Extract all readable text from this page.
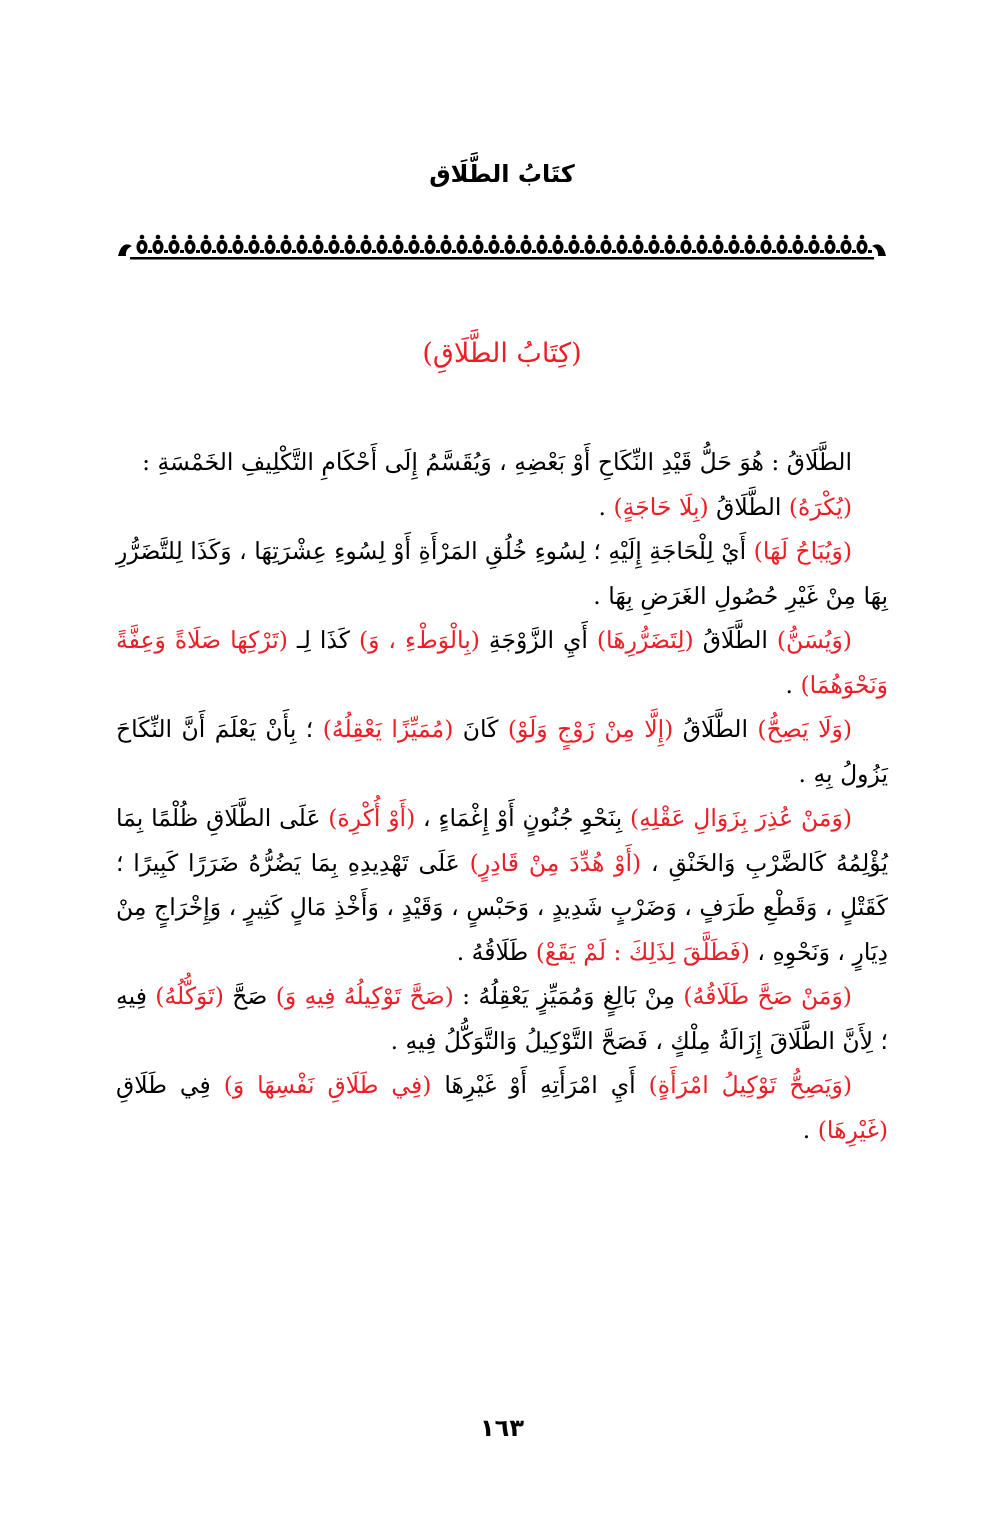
كتَابُ الطَّلَاق
(كِتَابُ الطَّلَاقِ)

الطَّلَاقُ : هُوَ حَلُّ قَيْدِ النِّكَاحِ أَوْ بَعْضِهِ ، وَيُقَسَّمُ إِلَى أَحْكَامِ التَّكْلِيفِ الخَمْسَةِ :

(يُكْرَهُ) الطَّلَاقُ (بِلَا حَاجَةٍ) .

(وَيُبَاحُ لَهَا) أَيْ لِلْحَاجَةِ إِلَيْهِ ؛ لِسُوءِ خُلُقِ المَرْأَةِ أَوْ لِسُوءِ عِشْرَتِهَا ، وَكَذَا لِلتَّضَرُّرِ بِهَا مِنْ غَيْرِ حُصُولِ الغَرَضِ بِهَا .

(وَيُسَنُّ) الطَّلَاقُ (لِتَضَرُّرِهَا) أَيِ الزَّوْجَةِ (بِالْوَطْءِ ، وَ) كَذَا لِـ (تَرْكِهَا صَلَاةً وَعِفَّةً وَنَحْوَهُمَا) .

(وَلَا يَصِحُّ) الطَّلَاقُ (إِلَّا مِنْ زَوْجٍ وَلَوْ) كَانَ (مُمَيِّزًا يَعْقِلُهُ) ؛ بِأَنْ يَعْلَمَ أَنَّ النِّكَاحَ يَزُولُ بِهِ .

(وَمَنْ عُذِرَ بِزَوَالِ عَقْلِهِ) بِنَحْوِ جُنُونٍ أَوْ إِغْمَاءٍ ، (أَوْ أُكْرِهَ) عَلَى الطَّلَاقِ ظُلْمًا بِمَا يُؤْلِمُهُ كَالضَّرْبِ وَالخَنْقِ ، (أَوْ هُدِّدَ مِنْ قَادِرٍ) عَلَى تَهْدِيدِهِ بِمَا يَضُرُّهُ ضَرَرًا كَبِيرًا ؛ كَقَتْلٍ ، وَقَطْعِ طَرَفٍ ، وَضَرْبٍ شَدِيدٍ ، وَحَبْسٍ ، وَقَيْدٍ ، وَأَخْذِ مَالٍ كَثِيرٍ ، وَإِخْرَاجٍ مِنْ دِيَارٍ ، وَنَحْوِهِ ، (فَطَلَّقَ لِذَلِكَ : لَمْ يَقَعْ) طَلَاقُهُ .

(وَمَنْ صَحَّ طَلَاقُهُ) مِنْ بَالِغٍ وَمُمَيِّزٍ يَعْقِلُهُ : (صَحَّ تَوْكِيلُهُ فِيهِ وَ) صَحَّ (تَوَكُّلُهُ) فِيهِ ؛ لِأَنَّ الطَّلَاقَ إِزَالَةُ مِلْكٍ ، فَصَحَّ التَّوْكِيلُ وَالتَّوَكُّلُ فِيهِ .

(وَيَصِحُّ تَوْكِيلُ امْرَأَةٍ) أَيِ امْرَأَتِهِ أَوْ غَيْرِهَا (فِي طَلَاقِ نَفْسِهَا وَ) فِي طَلَاقِ (غَيْرِهَا) .

١٦٣
